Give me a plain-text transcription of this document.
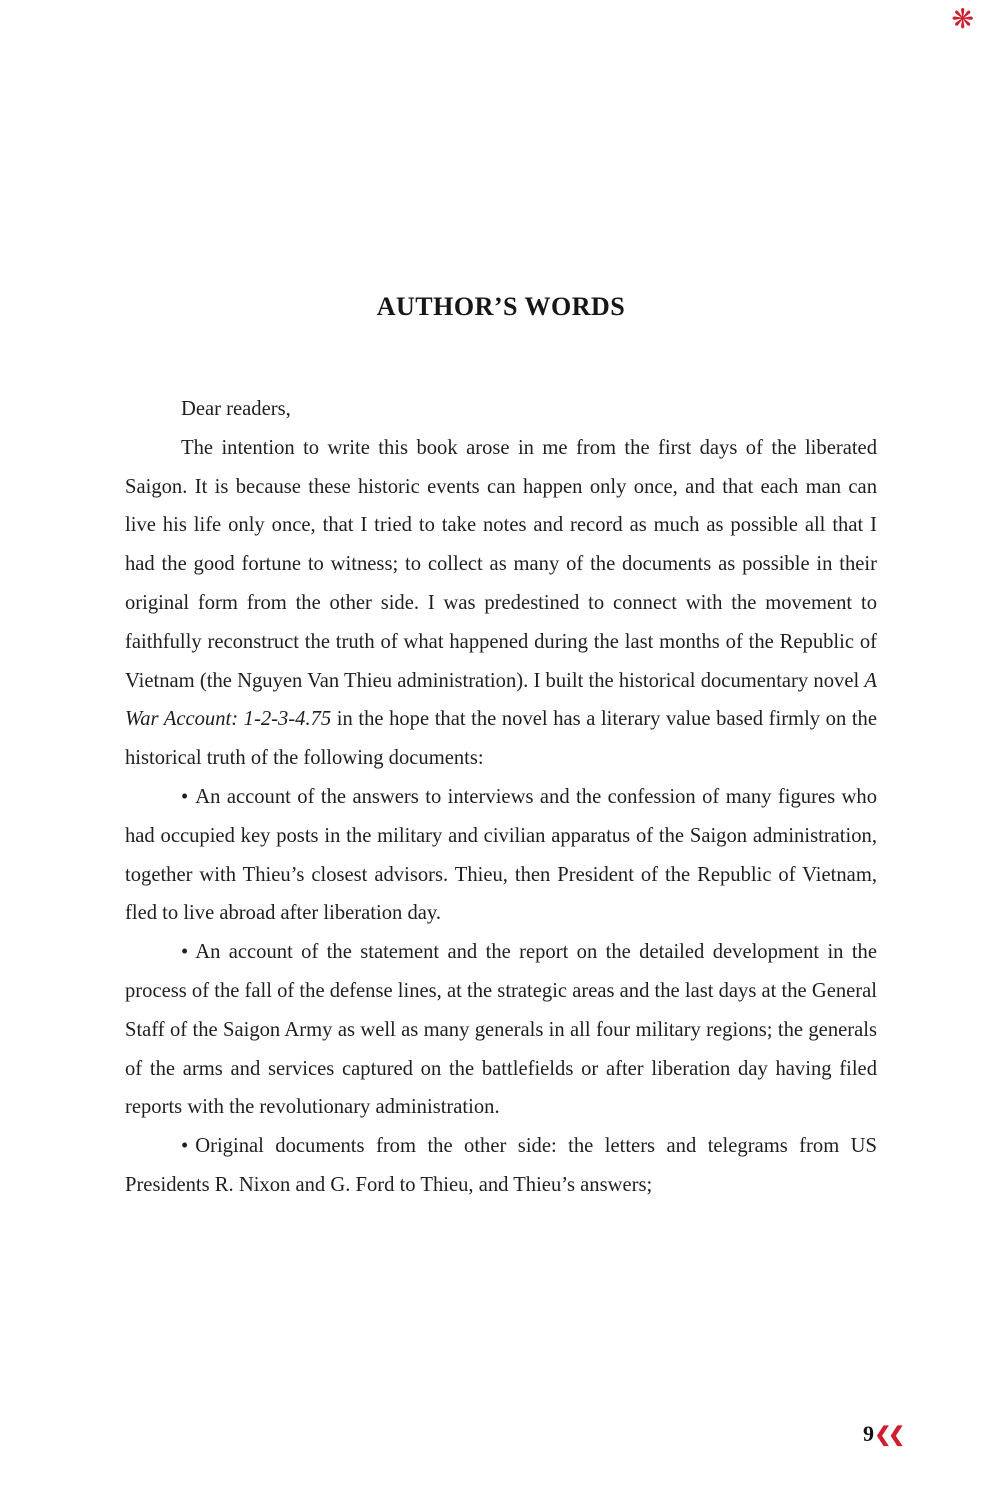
❋
AUTHOR’S WORDS

Dear readers,

The intention to write this book arose in me from the first days of the liberated Saigon. It is because these historic events can happen only once, and that each man can live his life only once, that I tried to take notes and record as much as possible all that I had the good fortune to witness; to collect as many of the documents as possible in their original form from the other side. I was predestined to connect with the movement to faithfully reconstruct the truth of what happened during the last months of the Republic of Vietnam (the Nguyen Van Thieu administration). I built the historical documentary novel A War Account: 1-2-3-4.75 in the hope that the novel has a literary value based firmly on the historical truth of the following documents:

• An account of the answers to interviews and the confession of many figures who had occupied key posts in the military and civilian apparatus of the Saigon administration, together with Thieu’s closest advisors. Thieu, then President of the Republic of Vietnam, fled to live abroad after liberation day.

• An account of the statement and the report on the detailed development in the process of the fall of the defense lines, at the strategic areas and the last days at the General Staff of the Saigon Army as well as many generals in all four military regions; the generals of the arms and services captured on the battlefields or after liberation day having filed reports with the revolutionary administration.

• Original documents from the other side: the letters and telegrams from US Presidents R. Nixon and G. Ford to Thieu, and Thieu’s answers;

9❮❮
